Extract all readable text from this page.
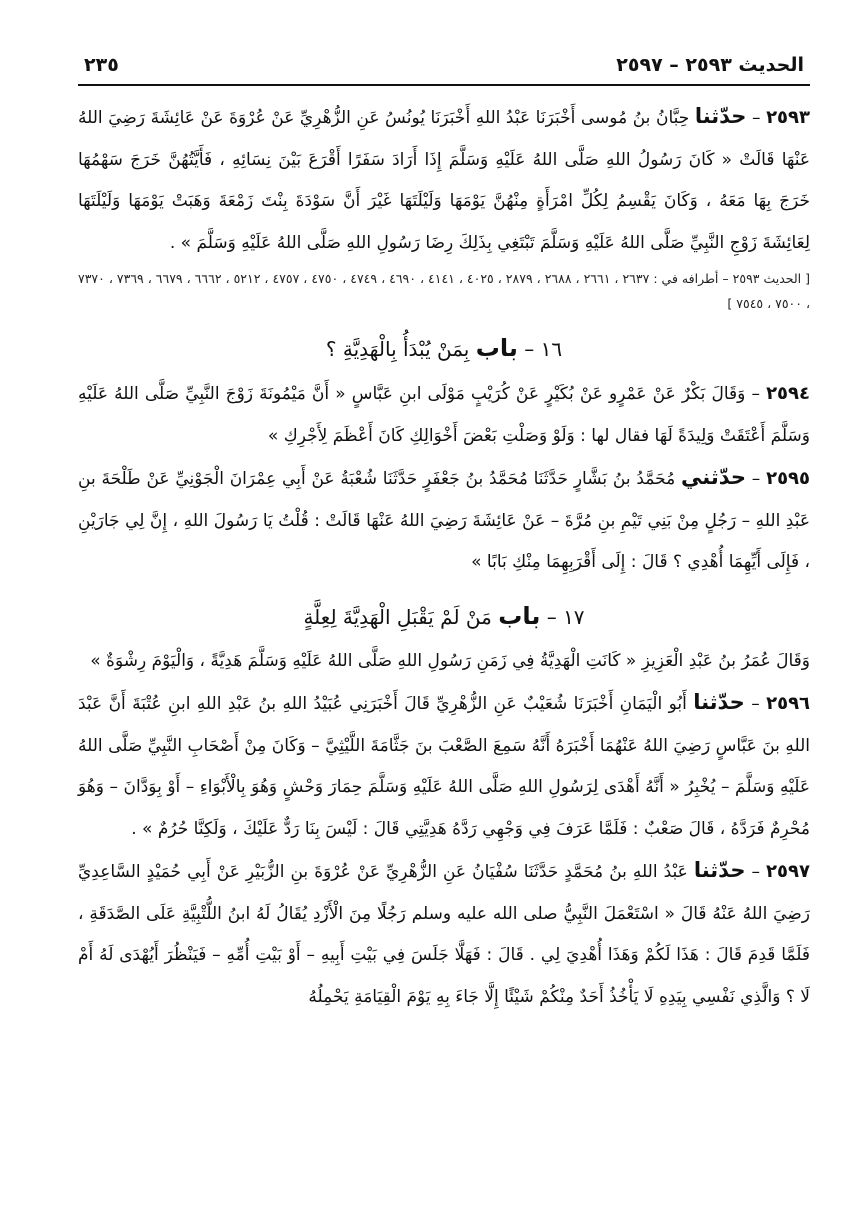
الحديث ٢٥٩٣ – ٢٥٩٧
٢٣٥

٢٥٩٣ – حدّثنا حِبَّانُ بنُ مُوسى أَخْبَرَنَا عَبْدُ اللهِ أَخْبَرَنَا يُونُسُ عَنِ الزُّهْرِيِّ عَنْ عُرْوَةَ عَنْ عَائِشَةَ رَضِيَ اللهُ عَنْهَا قَالَتْ « كَانَ رَسُولُ اللهِ صَلَّى اللهُ عَلَيْهِ وَسَلَّمَ إِذَا أَرَادَ سَفَرًا أَقْرَعَ بَيْنَ نِسَائِهِ ، فَأَيَّتُهُنَّ خَرَجَ سَهْمُهَا خَرَجَ بِهَا مَعَهُ ، وَكَانَ يَقْسِمُ لِكُلِّ امْرَأَةٍ مِنْهُنَّ يَوْمَهَا وَلَيْلَتَهَا غَيْرَ أَنَّ سَوْدَةَ بِنْتَ زَمْعَةَ وَهَبَتْ يَوْمَهَا وَلَيْلَتَهَا لِعَائِشَةَ زَوْجِ النَّبِيِّ صَلَّى اللهُ عَلَيْهِ وَسَلَّمَ تَبْتَغِي بِذَلِكَ رِضَا رَسُولِ اللهِ صَلَّى اللهُ عَلَيْهِ وَسَلَّمَ » .

[ الحديث ٢٥٩٣ – أطرافه في : ٢٦٣٧ ، ٢٦٦١ ، ٢٦٨٨ ، ٢٨٧٩ ، ٤٠٢٥ ، ٤١٤١ ، ٤٦٩٠ ، ٤٧٤٩ ، ٤٧٥٠ ، ٤٧٥٧ ، ٥٢١٢ ، ٦٦٦٢ ، ٦٦٧٩ ، ٧٣٦٩ ، ٧٣٧٠ ، ٧٥٠٠ ، ٧٥٤٥ ]

١٦ – باب بِمَنْ يُبْدَأُ بِالْهَدِيَّةِ ؟

٢٥٩٤ – وَقَالَ بَكْرٌ عَنْ عَمْرٍو عَنْ بُكَيْرٍ عَنْ كُرَيْبٍ مَوْلَى ابنِ عَبَّاسٍ « أَنَّ مَيْمُونَةَ زَوْجَ النَّبِيِّ صَلَّى اللهُ عَلَيْهِ وَسَلَّمَ أَعْتَقَتْ وَلِيدَةً لَهَا فقال لها : وَلَوْ وَصَلْتِ بَعْضَ أَخْوَالِكِ كَانَ أَعْظَمَ لِأَجْرِكِ »

٢٥٩٥ – حدّثني مُحَمَّدُ بنُ بَشَّارٍ حَدَّثَنَا مُحَمَّدُ بنُ جَعْفَرٍ حَدَّثَنَا شُعْبَةُ عَنْ أَبِي عِمْرَانَ الْجَوْنِيِّ عَنْ طَلْحَةَ بنِ عَبْدِ اللهِ – رَجُلٍ مِنْ بَنِي تَيْمِ بنِ مُرَّةَ – عَنْ عَائِشَةَ رَضِيَ اللهُ عَنْهَا قَالَتْ : قُلْتُ يَا رَسُولَ اللهِ ، إِنَّ لِي جَارَيْنِ ، فَإِلَى أَيِّهِمَا أُهْدِي ؟ قَالَ : إِلَى أَقْرَبِهِمَا مِنْكِ بَابًا »

١٧ – باب مَنْ لَمْ يَقْبَلِ الْهَدِيَّةَ لِعِلَّةٍ

وَقَالَ عُمَرُ بنُ عَبْدِ الْعَزِيزِ « كَانَتِ الْهَدِيَّةُ فِي زَمَنِ رَسُولِ اللهِ صَلَّى اللهُ عَلَيْهِ وَسَلَّمَ هَدِيَّةً ، وَالْيَوْمَ رِشْوَةٌ »

٢٥٩٦ – حدّثنا أَبُو الْيَمَانِ أَخْبَرَنَا شُعَيْبٌ عَنِ الزُّهْرِيِّ قَالَ أَخْبَرَنِي عُبَيْدُ اللهِ بنُ عَبْدِ اللهِ ابنِ عُتْبَةَ أَنَّ عَبْدَ اللهِ بنَ عَبَّاسٍ رَضِيَ اللهُ عَنْهُمَا أَخْبَرَهُ أَنَّهُ سَمِعَ الصَّعْبَ بنَ جَثَّامَةَ اللَّيْثِيَّ – وَكَانَ مِنْ أَصْحَابِ النَّبِيِّ صَلَّى اللهُ عَلَيْهِ وَسَلَّمَ – يُخْبِرُ « أَنَّهُ أَهْدَى لِرَسُولِ اللهِ صَلَّى اللهُ عَلَيْهِ وَسَلَّمَ حِمَارَ وَحْشٍ وَهُوَ بِالْأَبْوَاءِ – أَوْ بِوَدَّانَ – وَهُوَ مُحْرِمٌ فَرَدَّهُ ، قَالَ صَعْبٌ : فَلَمَّا عَرَفَ فِي وَجْهِي رَدَّهُ هَدِيَّتِي قَالَ : لَيْسَ بِنَا رَدٌّ عَلَيْكَ ، وَلَكِنَّا حُرُمٌ » .

٢٥٩٧ – حدّثنا عَبْدُ اللهِ بنُ مُحَمَّدٍ حَدَّثَنَا سُفْيَانُ عَنِ الزُّهْرِيِّ عَنْ عُرْوَةَ بنِ الزُّبَيْرِ عَنْ أَبِي حُمَيْدٍ السَّاعِدِيِّ رَضِيَ اللهُ عَنْهُ قَالَ « اسْتَعْمَلَ النَّبِيُّ صلى الله عليه وسلم رَجُلًا مِنَ الْأَزْدِ يُقَالُ لَهُ ابنُ اللُّتْبِيَّةِ عَلَى الصَّدَقَةِ ، فَلَمَّا قَدِمَ قَالَ : هَذَا لَكُمْ وَهَذَا أُهْدِيَ لِي . قَالَ : فَهَلَّا جَلَسَ فِي بَيْتِ أَبِيهِ – أَوْ بَيْتِ أُمِّهِ – فَيَنْظُرَ أَيُهْدَى لَهُ أَمْ لَا ؟ وَالَّذِي نَفْسِي بِيَدِهِ لَا يَأْخُذُ أَحَدٌ مِنْكُمْ شَيْئًا إِلَّا جَاءَ بِهِ يَوْمَ الْقِيَامَةِ يَحْمِلُهُ
